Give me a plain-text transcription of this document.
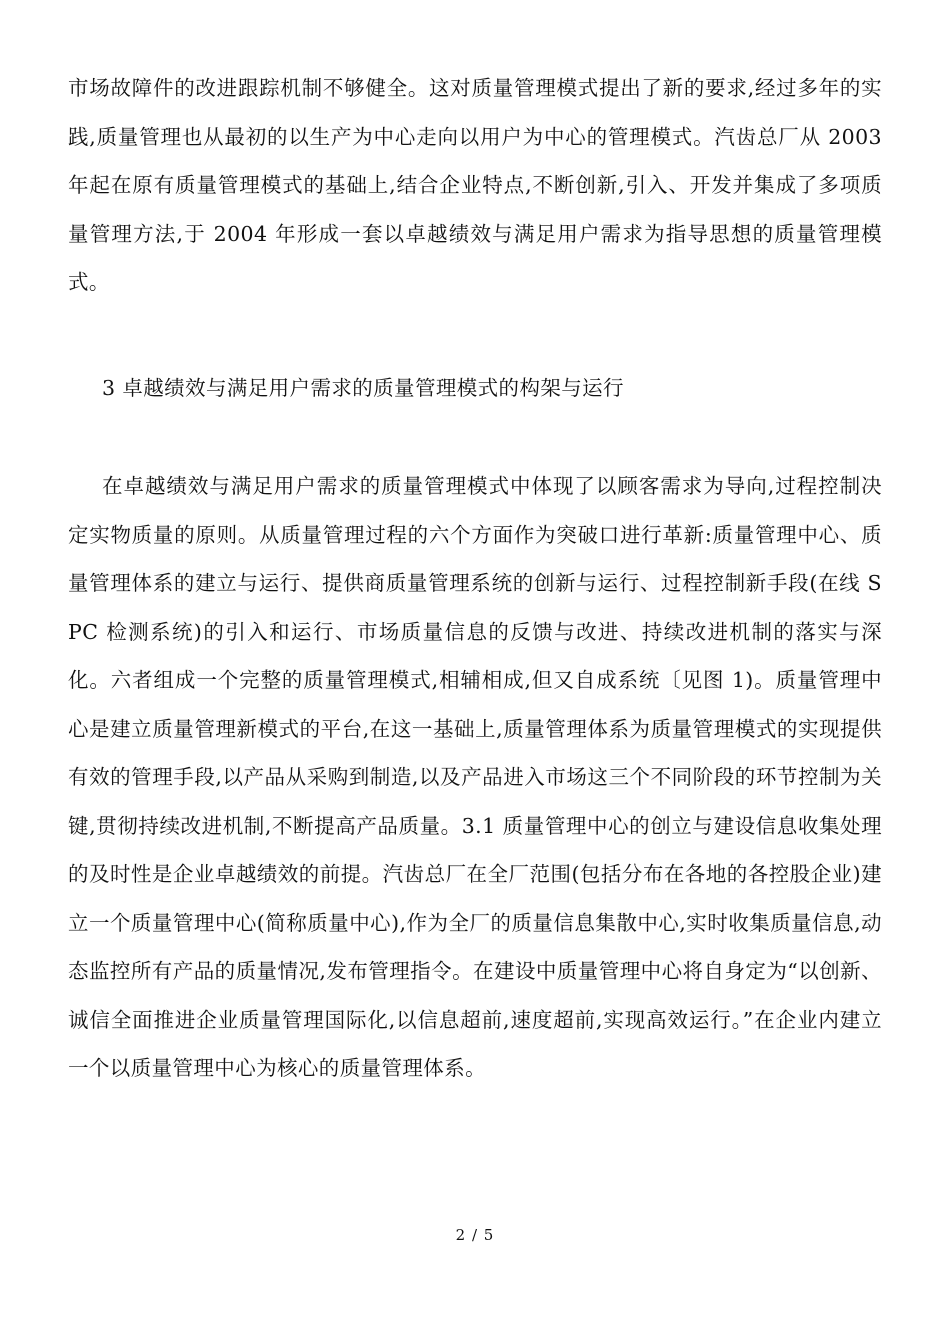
市场故障件的改进跟踪机制不够健全。这对质量管理模式提出了新的要求,经过多年的实践,质量管理也从最初的以生产为中心走向以用户为中心的管理模式。汽齿总厂从 2003 年起在原有质量管理模式的基础上,结合企业特点,不断创新,引入、开发并集成了多项质量管理方法,于 2004 年形成一套以卓越绩效与满足用户需求为指导思想的质量管理模式。

3 卓越绩效与满足用户需求的质量管理模式的构架与运行

在卓越绩效与满足用户需求的质量管理模式中体现了以顾客需求为导向,过程控制决定实物质量的原则。从质量管理过程的六个方面作为突破口进行革新:质量管理中心、质量管理体系的建立与运行、提供商质量管理系统的创新与运行、过程控制新手段(在线 SPC 检测系统)的引入和运行、市场质量信息的反馈与改进、持续改进机制的落实与深化。六者组成一个完整的质量管理模式,相辅相成,但又自成系统〔见图 1)。质量管理中心是建立质量管理新模式的平台,在这一基础上,质量管理体系为质量管理模式的实现提供有效的管理手段,以产品从采购到制造,以及产品进入市场这三个不同阶段的环节控制为关键,贯彻持续改进机制,不断提高产品质量。3.1 质量管理中心的创立与建设信息收集处理的及时性是企业卓越绩效的前提。汽齿总厂在全厂范围(包括分布在各地的各控股企业)建立一个质量管理中心(简称质量中心),作为全厂的质量信息集散中心,实时收集质量信息,动态监控所有产品的质量情况,发布管理指令。在建设中质量管理中心将自身定为“以创新、诚信全面推进企业质量管理国际化,以信息超前,速度超前,实现高效运行。”在企业内建立一个以质量管理中心为核心的质量管理体系。

2 / 5
